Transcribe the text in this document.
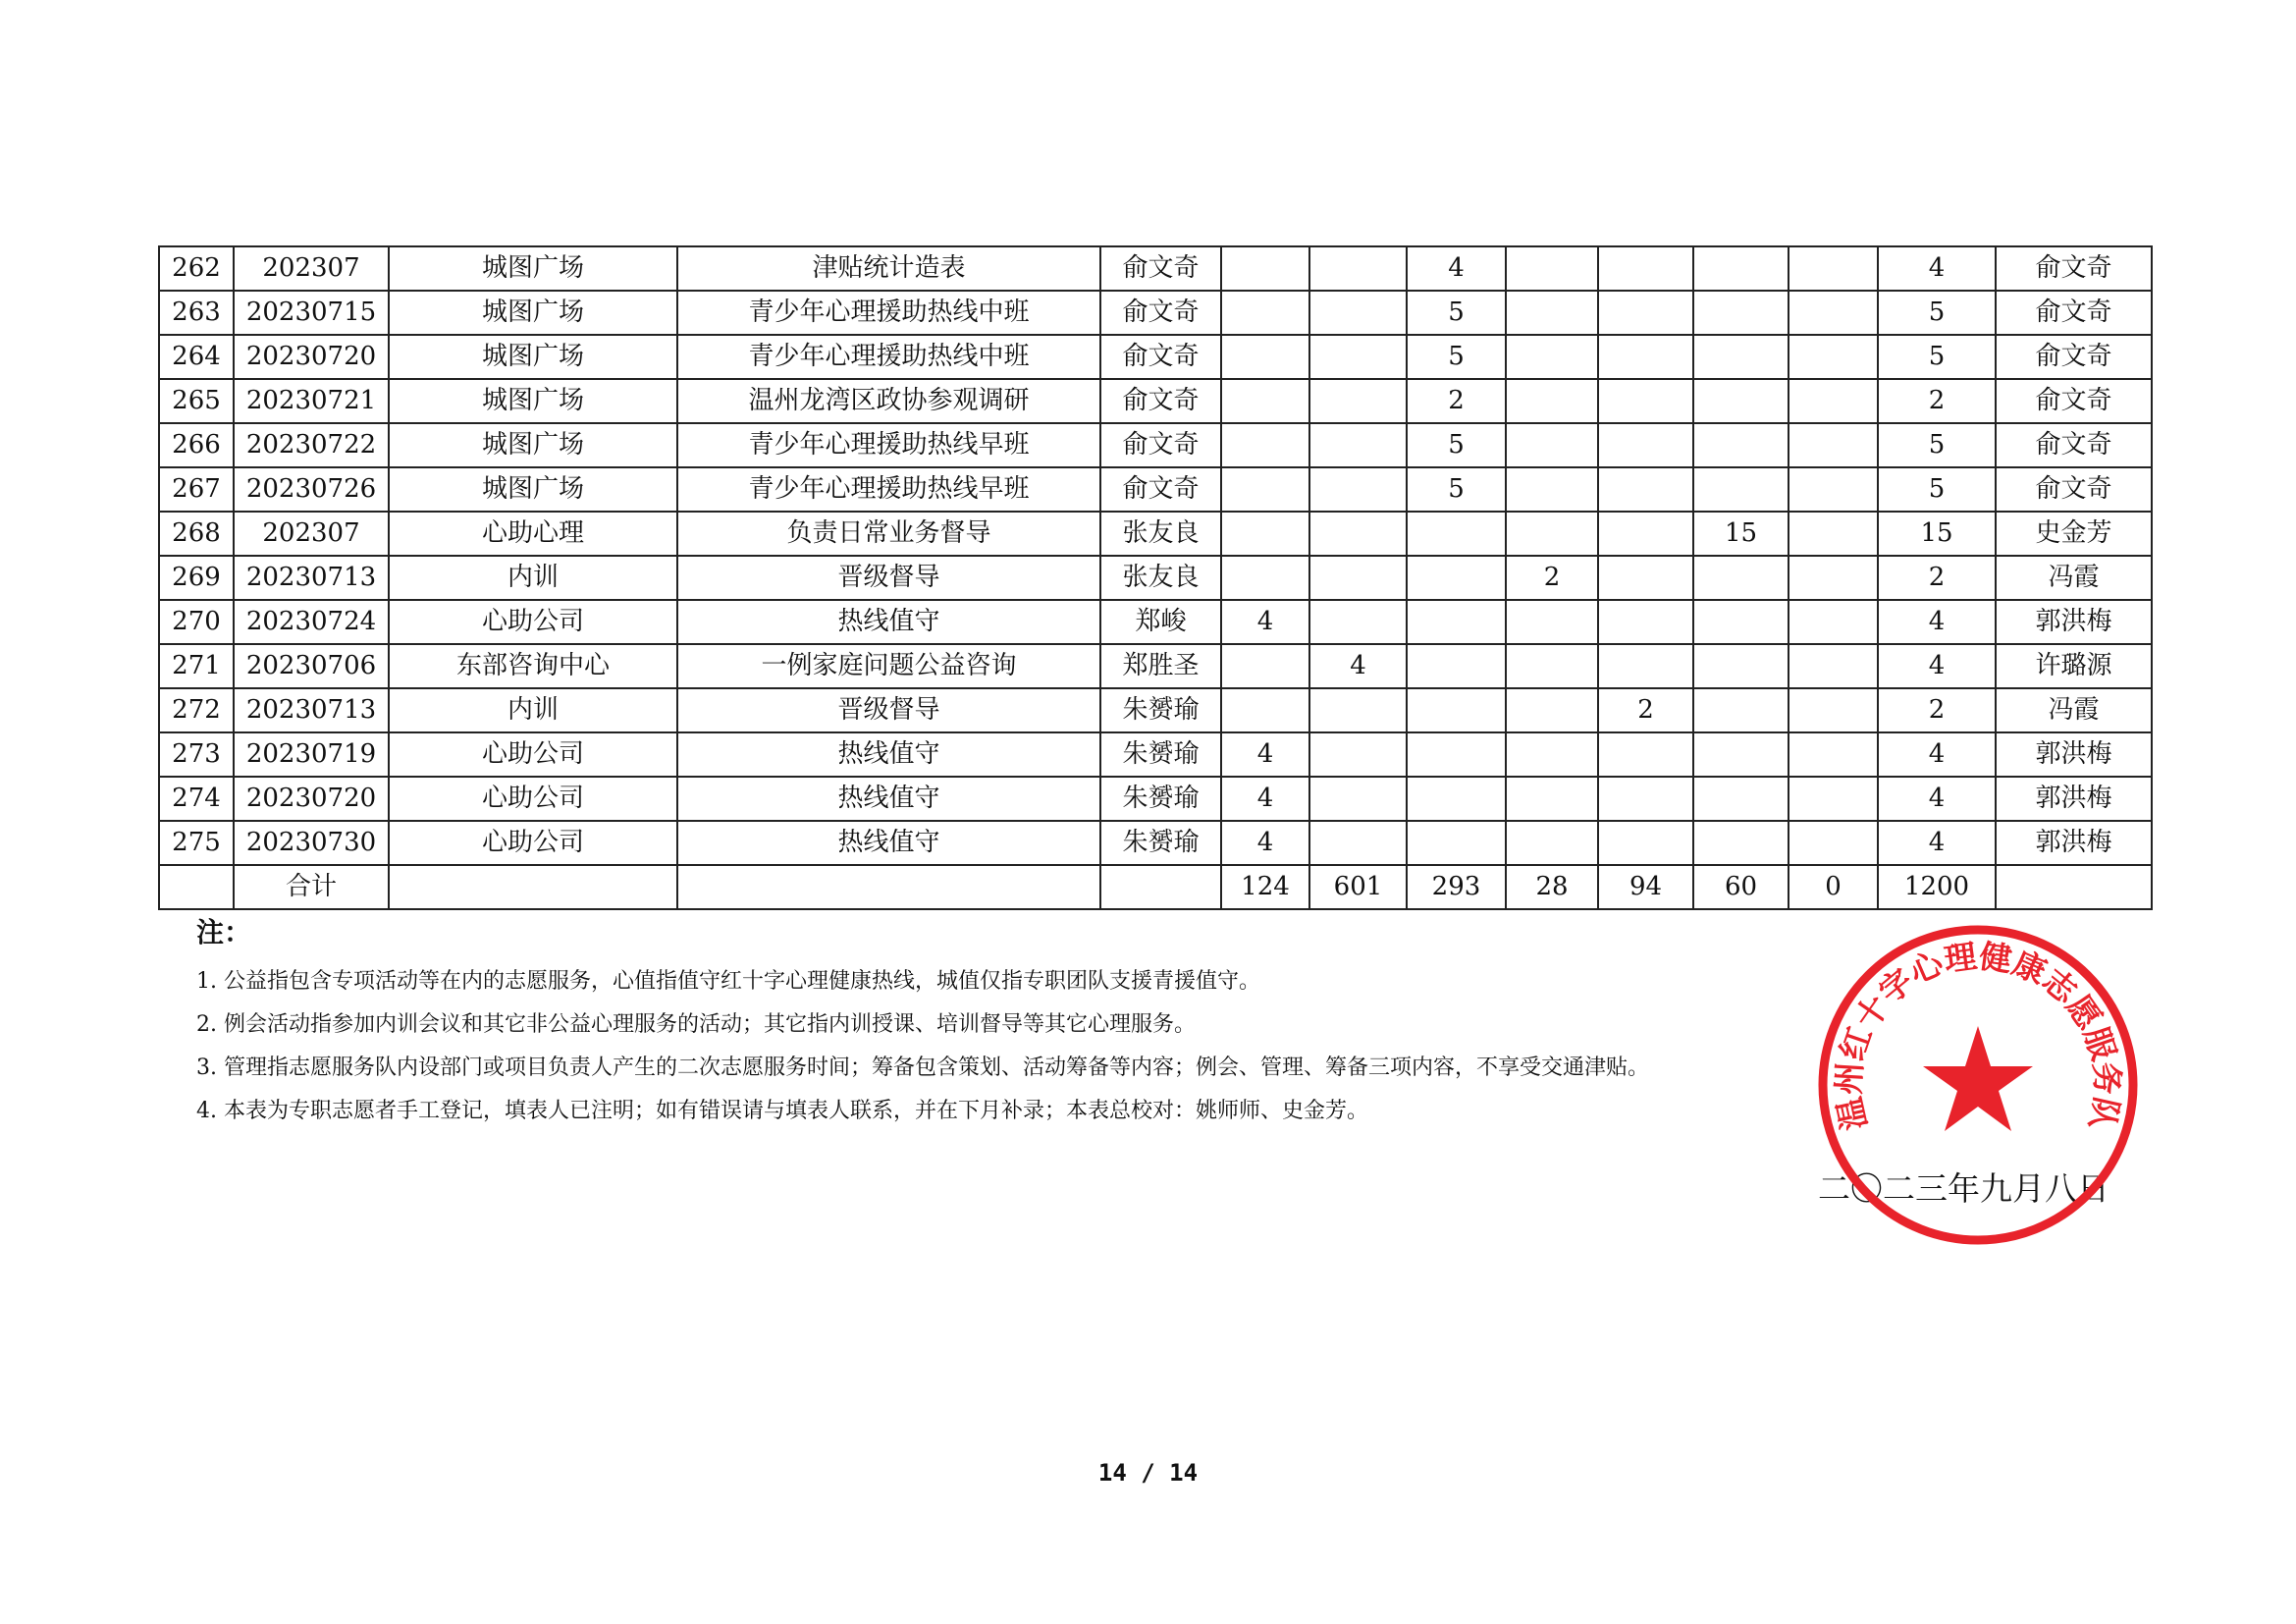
262	202307	城图广场	津贴统计造表	俞文奇			4					4	俞文奇
263	20230715	城图广场	青少年心理援助热线中班	俞文奇			5					5	俞文奇
264	20230720	城图广场	青少年心理援助热线中班	俞文奇			5					5	俞文奇
265	20230721	城图广场	温州龙湾区政协参观调研	俞文奇			2					2	俞文奇
266	20230722	城图广场	青少年心理援助热线早班	俞文奇			5					5	俞文奇
267	20230726	城图广场	青少年心理援助热线早班	俞文奇			5					5	俞文奇
268	202307	心助心理	负责日常业务督导	张友良						15		15	史金芳
269	20230713	内训	晋级督导	张友良				2				2	冯霞
270	20230724	心助公司	热线值守	郑峻	4							4	郭洪梅
271	20230706	东部咨询中心	一例家庭问题公益咨询	郑胜圣		4						4	许璐源
272	20230713	内训	晋级督导	朱赟瑜					2			2	冯霞
273	20230719	心助公司	热线值守	朱赟瑜	4							4	郭洪梅
274	20230720	心助公司	热线值守	朱赟瑜	4							4	郭洪梅
275	20230730	心助公司	热线值守	朱赟瑜	4							4	郭洪梅
	合计				124	601	293	28	94	60	0	1200	
注：
1. 公益指包含专项活动等在内的志愿服务，心值指值守红十字心理健康热线，城值仅指专职团队支援青援值守。
2. 例会活动指参加内训会议和其它非公益心理服务的活动；其它指内训授课、培训督导等其它心理服务。
3. 管理指志愿服务队内设部门或项目负责人产生的二次志愿服务时间；筹备包含策划、活动筹备等内容；例会、管理、筹备三项内容，不享受交通津贴。
4. 本表为专职志愿者手工登记，填表人已注明；如有错误请与填表人联系，并在下月补录；本表总校对：姚师师、史金芳。
二〇二三年九月八日
温州红十字心理健康志愿服务队
14 / 14
